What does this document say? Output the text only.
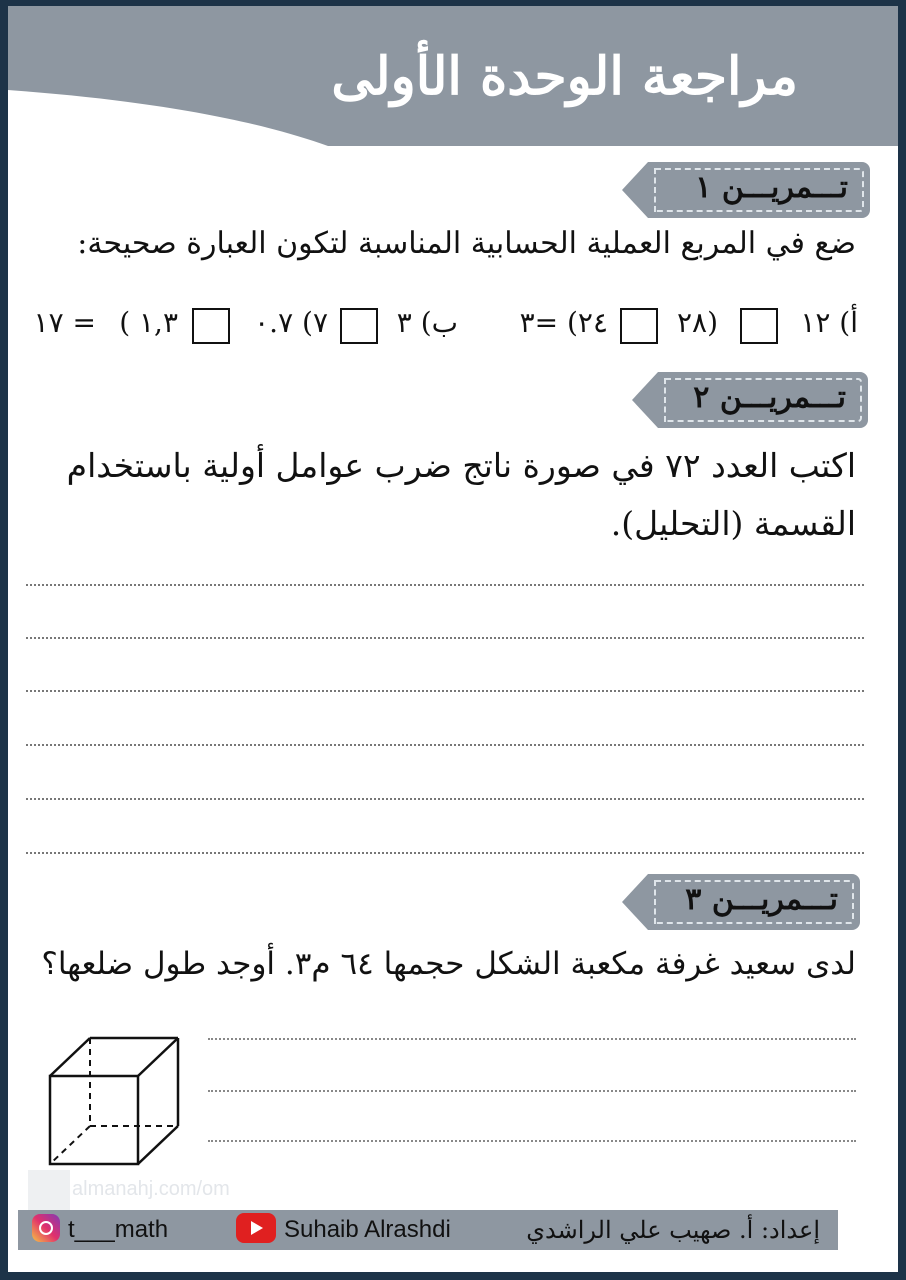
مراجعة الوحدة الأولى
تـــمريـــن ١
ضع في المربع العملية الحسابية المناسبة لتكون العبارة صحيحة:
أ) ١٢
(٢٨
٢٤) =٣
ب) ٣
٧) ٠.٧
١,٣ )
= ١٧
تـــمريـــن ٢
اكتب العدد ٧٢ في صورة ناتج ضرب عوامل أولية باستخدام
القسمة (التحليل).
تـــمريـــن ٣
لدى سعيد غرفة مكعبة الشكل حجمها ٦٤ م٣. أوجد طول ضلعها؟
almanahj.com/om
t___math	Suhaib Alrashdi	إعداد: أ. صهيب علي الراشدي
